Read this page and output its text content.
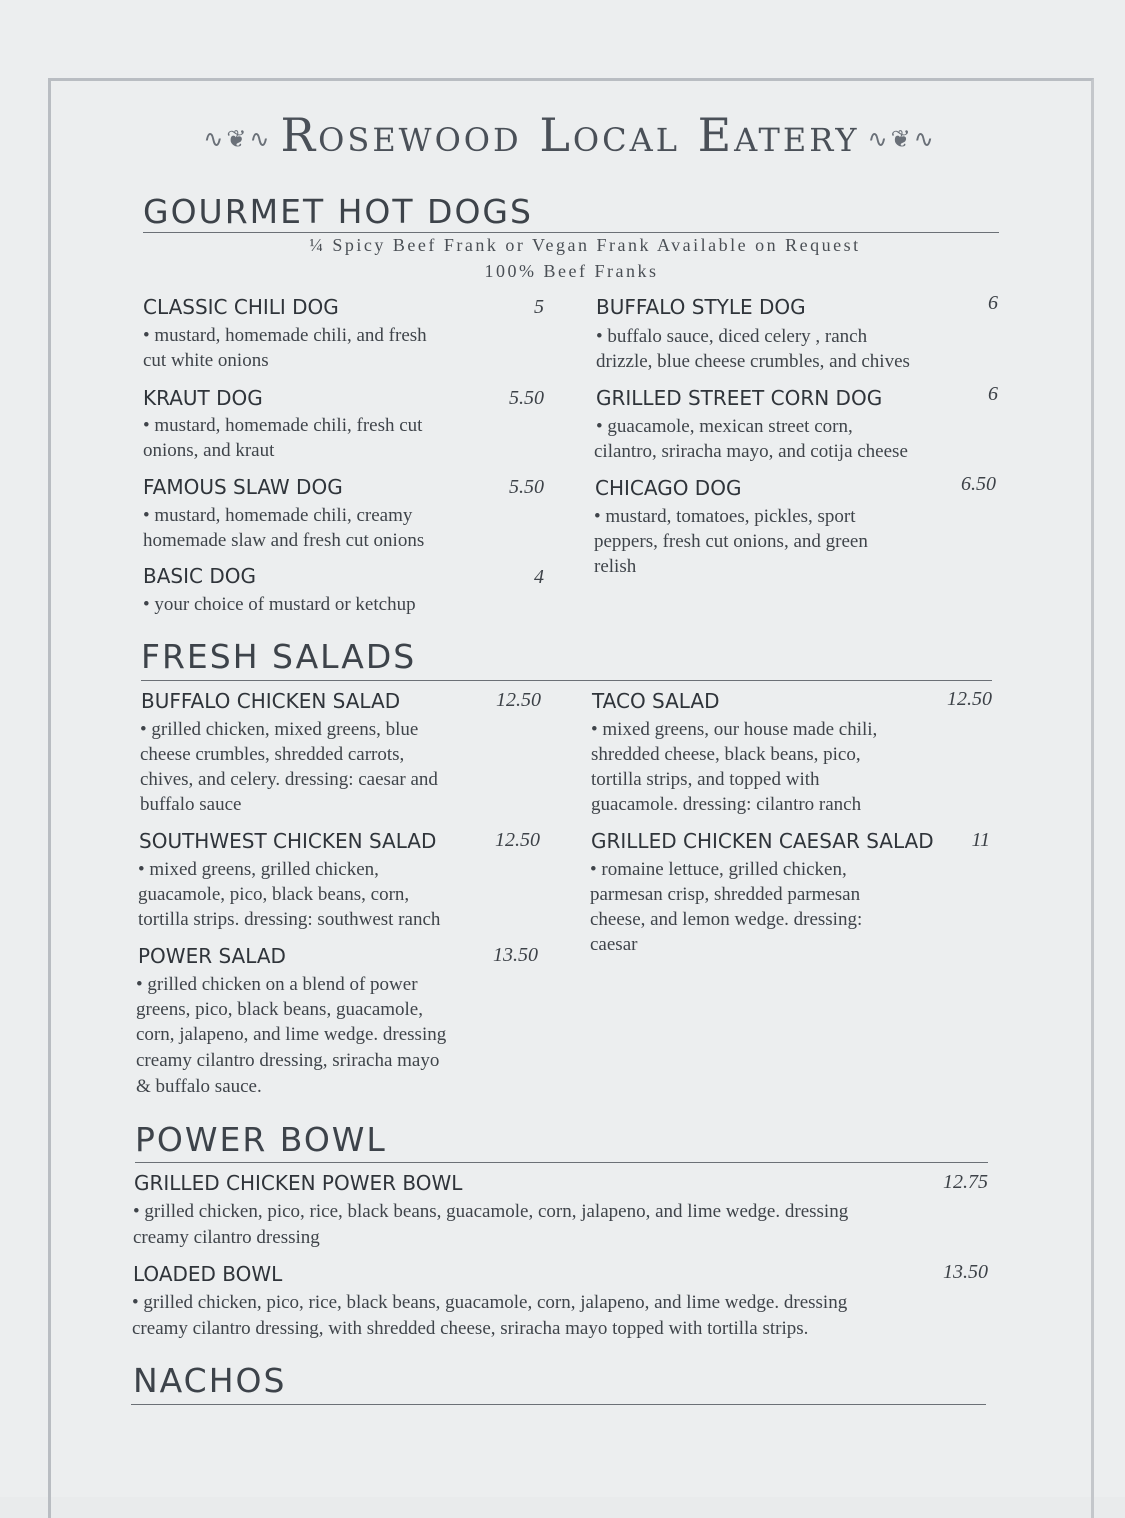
∿❦∿ Rosewood Local Eatery ∿❦∿
GOURMET HOT DOGS
¼ Spicy Beef Frank or Vegan Frank Available on Request
100% Beef Franks
CLASSIC CHILI DOG	5
• mustard, homemade chili, and fresh
cut white onions
KRAUT DOG	5.50
• mustard, homemade chili, fresh cut
onions, and kraut
FAMOUS SLAW DOG	5.50
• mustard, homemade chili, creamy
homemade slaw and fresh cut onions
BASIC DOG	4
• your choice of mustard or ketchup
BUFFALO STYLE DOG	6
• buffalo sauce, diced celery , ranch
drizzle, blue cheese crumbles, and chives
GRILLED STREET CORN DOG	6
• guacamole, mexican street corn,
cilantro, sriracha mayo, and cotija cheese
CHICAGO DOG	6.50
• mustard, tomatoes, pickles, sport
peppers, fresh cut onions, and green
relish
FRESH SALADS
BUFFALO CHICKEN SALAD	12.50
• grilled chicken, mixed greens, blue
cheese crumbles, shredded carrots,
chives, and celery. dressing: caesar and
buffalo sauce
SOUTHWEST CHICKEN SALAD	12.50
• mixed greens, grilled chicken,
guacamole, pico, black beans, corn,
tortilla strips. dressing: southwest ranch
POWER SALAD	13.50
• grilled chicken on a blend of power
greens, pico, black beans, guacamole,
corn, jalapeno, and lime wedge. dressing
creamy cilantro dressing, sriracha mayo
& buffalo sauce.
TACO SALAD	12.50
• mixed greens, our house made chili,
shredded cheese, black beans, pico,
tortilla strips, and topped with
guacamole. dressing: cilantro ranch
GRILLED CHICKEN CAESAR SALAD	11
• romaine lettuce, grilled chicken,
parmesan crisp, shredded parmesan
cheese, and lemon wedge. dressing:
caesar
POWER BOWL
GRILLED CHICKEN POWER BOWL	12.75
• grilled chicken, pico, rice, black beans, guacamole, corn, jalapeno, and lime wedge. dressing
creamy cilantro dressing
LOADED BOWL	13.50
• grilled chicken, pico, rice, black beans, guacamole, corn, jalapeno, and lime wedge. dressing
creamy cilantro dressing, with shredded cheese, sriracha mayo topped with tortilla strips.
NACHOS
